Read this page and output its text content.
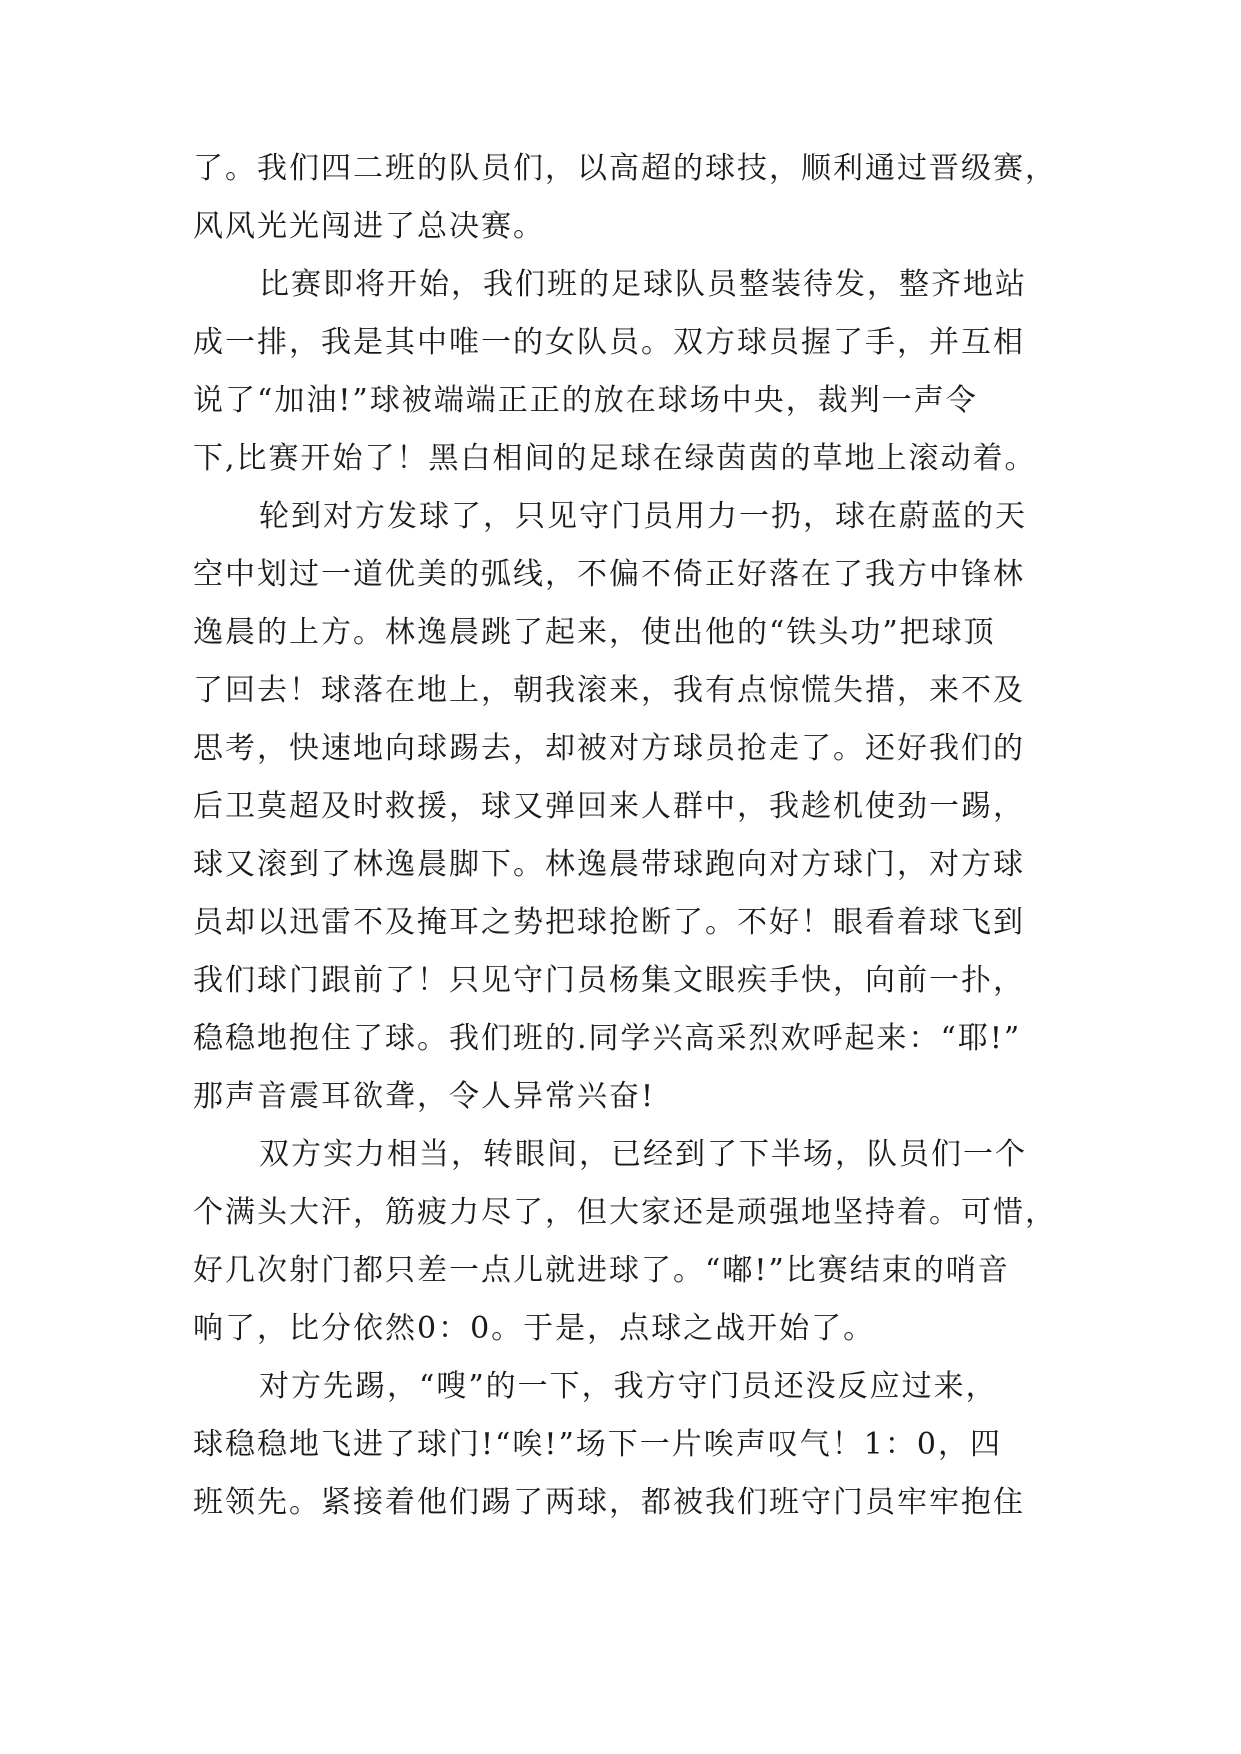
了。我们四二班的队员们，以高超的球技，顺利通过晋级赛，
风风光光闯进了总决赛。
比赛即将开始，我们班的足球队员整装待发，整齐地站
成一排，我是其中唯一的女队员。双方球员握了手，并互相
说了“加油!”球被端端正正的放在球场中央，裁判一声令
下,比赛开始了！黑白相间的足球在绿茵茵的草地上滚动着。
轮到对方发球了，只见守门员用力一扔，球在蔚蓝的天
空中划过一道优美的弧线，不偏不倚正好落在了我方中锋林
逸晨的上方。林逸晨跳了起来，使出他的“铁头功”把球顶
了回去！球落在地上，朝我滚来，我有点惊慌失措，来不及
思考，快速地向球踢去，却被对方球员抢走了。还好我们的
后卫莫超及时救援，球又弹回来人群中，我趁机使劲一踢，
球又滚到了林逸晨脚下。林逸晨带球跑向对方球门，对方球
员却以迅雷不及掩耳之势把球抢断了。不好！眼看着球飞到
我们球门跟前了！只见守门员杨集文眼疾手快，向前一扑，
稳稳地抱住了球。我们班的.同学兴高采烈欢呼起来：“耶!”
那声音震耳欲聋，令人异常兴奋!
双方实力相当，转眼间，已经到了下半场，队员们一个
个满头大汗，筋疲力尽了，但大家还是顽强地坚持着。可惜，
好几次射门都只差一点儿就进球了。“嘟!”比赛结束的哨音
响了，比分依然0：0。于是，点球之战开始了。
对方先踢，“嗖”的一下，我方守门员还没反应过来，
球稳稳地飞进了球门!“唉!”场下一片唉声叹气！1：0，四
班领先。紧接着他们踢了两球，都被我们班守门员牢牢抱住
